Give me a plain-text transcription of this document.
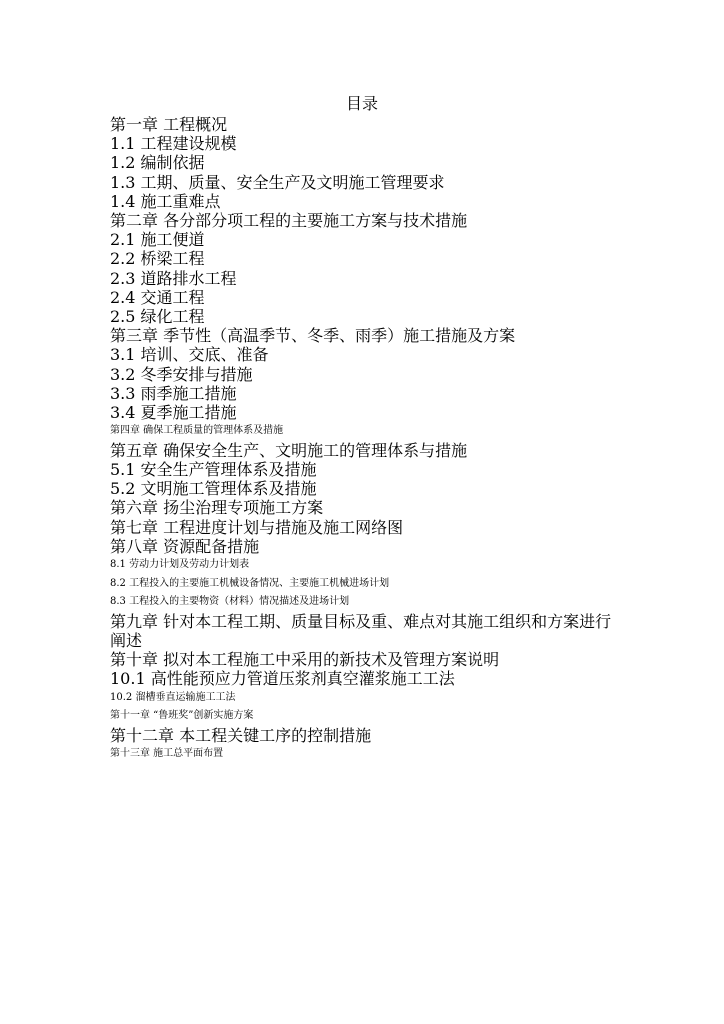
目录
第一章 工程概况
1.1 工程建设规模
1.2 编制依据
1.3 工期、质量、安全生产及文明施工管理要求
1.4 施工重难点
第二章 各分部分项工程的主要施工方案与技术措施
2.1 施工便道
2.2 桥梁工程
2.3 道路排水工程
2.4 交通工程
2.5 绿化工程
第三章 季节性（高温季节、冬季、雨季）施工措施及方案
3.1 培训、交底、准备
3.2 冬季安排与措施
3.3 雨季施工措施
3.4 夏季施工措施
第四章 确保工程质量的管理体系及措施
第五章 确保安全生产、文明施工的管理体系与措施
5.1 安全生产管理体系及措施
5.2 文明施工管理体系及措施
第六章 扬尘治理专项施工方案
第七章 工程进度计划与措施及施工网络图
第八章 资源配备措施
8.1 劳动力计划及劳动力计划表
8.2 工程投入的主要施工机械设备情况、主要施工机械进场计划
8.3 工程投入的主要物资（材料）情况描述及进场计划
第九章 针对本工程工期、质量目标及重、难点对其施工组织和方案进行阐述
第十章 拟对本工程施工中采用的新技术及管理方案说明
10.1 高性能预应力管道压浆剂真空灌浆施工工法
10.2 溜槽垂直运输施工工法
第十一章 “鲁班奖”创新实施方案
第十二章 本工程关键工序的控制措施
第十三章 施工总平面布置
